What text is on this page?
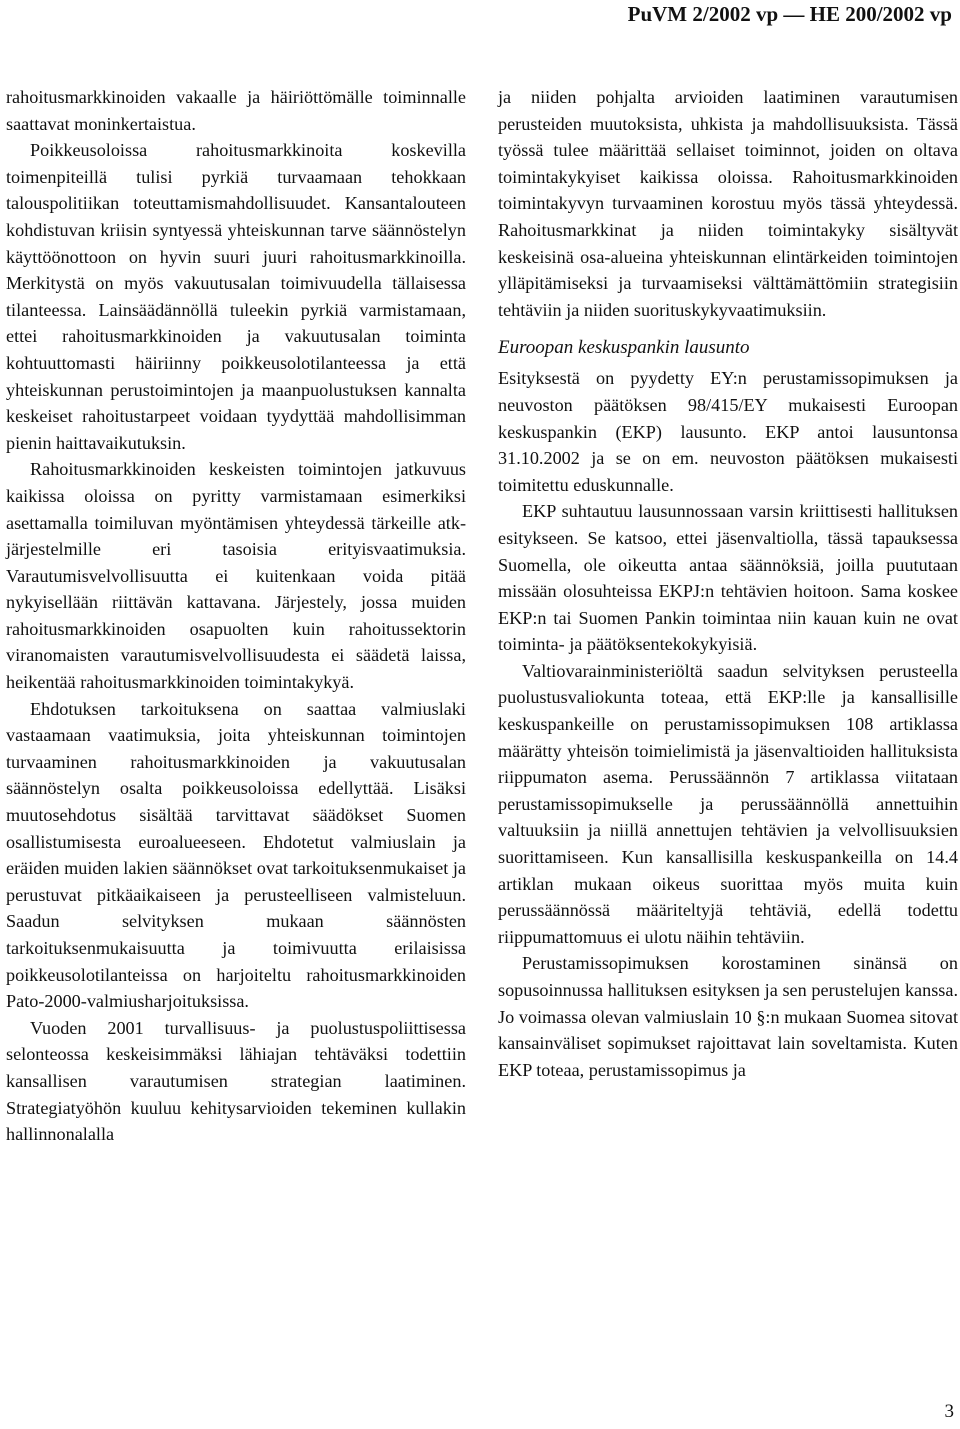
PuVM 2/2002 vp — HE 200/2002 vp

rahoitusmarkkinoiden vakaalle ja häiriöttömälle toiminnalle saattavat moninkertaistua.

Poikkeusoloissa rahoitusmarkkinoita koskevilla toimenpiteillä tulisi pyrkiä turvaamaan tehokkaan talouspolitiikan toteuttamismahdollisuudet. Kansantalouteen kohdistuvan kriisin syntyessä yhteiskunnan tarve säännöstelyn käyttöönottoon on hyvin suuri juuri rahoitusmarkkinoilla. Merkitystä on myös vakuutusalan toimivuudella tällaisessa tilanteessa. Lainsäädännöllä tuleekin pyrkiä varmistamaan, ettei rahoitusmarkkinoiden ja vakuutusalan toiminta kohtuuttomasti häiriinny poikkeusolotilanteessa ja että yhteiskunnan perustoimintojen ja maanpuolustuksen kannalta keskeiset rahoitustarpeet voidaan tyydyttää mahdollisimman pienin haittavaikutuksin.

Rahoitusmarkkinoiden keskeisten toimintojen jatkuvuus kaikissa oloissa on pyritty varmistamaan esimerkiksi asettamalla toimiluvan myöntämisen yhteydessä tärkeille atk-järjestelmille eri tasoisia erityisvaatimuksia. Varautumisvelvollisuutta ei kuitenkaan voida pitää nykyisellään riittävän kattavana. Järjestely, jossa muiden rahoitusmarkkinoiden osapuolten kuin rahoitussektorin viranomaisten varautumisvelvollisuudesta ei säädetä laissa, heikentää rahoitusmarkkinoiden toimintakykyä.

Ehdotuksen tarkoituksena on saattaa valmiuslaki vastaamaan vaatimuksia, joita yhteiskunnan toimintojen turvaaminen rahoitusmarkkinoiden ja vakuutusalan säännöstelyn osalta poikkeusoloissa edellyttää. Lisäksi muutosehdotus sisältää tarvittavat säädökset Suomen osallistumisesta euroalueeseen. Ehdotetut valmiuslain ja eräiden muiden lakien säännökset ovat tarkoituksenmukaiset ja perustuvat pitkäaikaiseen ja perusteelliseen valmisteluun. Saadun selvityksen mukaan säännösten tarkoituksenmukaisuutta ja toimivuutta erilaisissa poikkeusolotilanteissa on harjoiteltu rahoitusmarkkinoiden Pato-2000-valmiusharjoituksissa.

Vuoden 2001 turvallisuus- ja puolustuspoliittisessa selonteossa keskeisimmäksi lähiajan tehtäväksi todettiin kansallisen varautumisen strategian laatiminen. Strategiatyöhön kuuluu kehitysarvioiden tekeminen kullakin hallinnonalalla

ja niiden pohjalta arvioiden laatiminen varautumisen perusteiden muutoksista, uhkista ja mahdollisuuksista. Tässä työssä tulee määrittää sellaiset toiminnot, joiden on oltava toimintakykyiset kaikissa oloissa. Rahoitusmarkkinoiden toimintakyvyn turvaaminen korostuu myös tässä yhteydessä. Rahoitusmarkkinat ja niiden toimintakyky sisältyvät keskeisinä osa-alueina yhteiskunnan elintärkeiden toimintojen ylläpitämiseksi ja turvaamiseksi välttämättömiin strategisiin tehtäviin ja niiden suorituskykyvaatimuksiin.

Euroopan keskuspankin lausunto

Esityksestä on pyydetty EY:n perustamissopimuksen ja neuvoston päätöksen 98/415/EY mukaisesti Euroopan keskuspankin (EKP) lausunto. EKP antoi lausuntonsa 31.10.2002 ja se on em. neuvoston päätöksen mukaisesti toimitettu eduskunnalle.

EKP suhtautuu lausunnossaan varsin kriittisesti hallituksen esitykseen. Se katsoo, ettei jäsenvaltiolla, tässä tapauksessa Suomella, ole oikeutta antaa säännöksiä, joilla puututaan missään olosuhteissa EKPJ:n tehtävien hoitoon. Sama koskee EKP:n tai Suomen Pankin toimintaa niin kauan kuin ne ovat toiminta- ja päätöksentekokykyisiä.

Valtiovarainministeriöltä saadun selvityksen perusteella puolustusvaliokunta toteaa, että EKP:lle ja kansallisille keskuspankeille on perustamissopimuksen 108 artiklassa määrätty yhteisön toimielimistä ja jäsenvaltioiden hallituksista riippumaton asema. Perussäännön 7 artiklassa viitataan perustamissopimukselle ja perussäännöllä annettuihin valtuuksiin ja niillä annettujen tehtävien ja velvollisuuksien suorittamiseen. Kun kansallisilla keskuspankeilla on 14.4 artiklan mukaan oikeus suorittaa myös muita kuin perussäännössä määriteltyjä tehtäviä, edellä todettu riippumattomuus ei ulotu näihin tehtäviin.

Perustamissopimuksen korostaminen sinänsä on sopusoinnussa hallituksen esityksen ja sen perustelujen kanssa. Jo voimassa olevan valmiuslain 10 §:n mukaan Suomea sitovat kansainväliset sopimukset rajoittavat lain soveltamista. Kuten EKP toteaa, perustamissopimus ja

3
